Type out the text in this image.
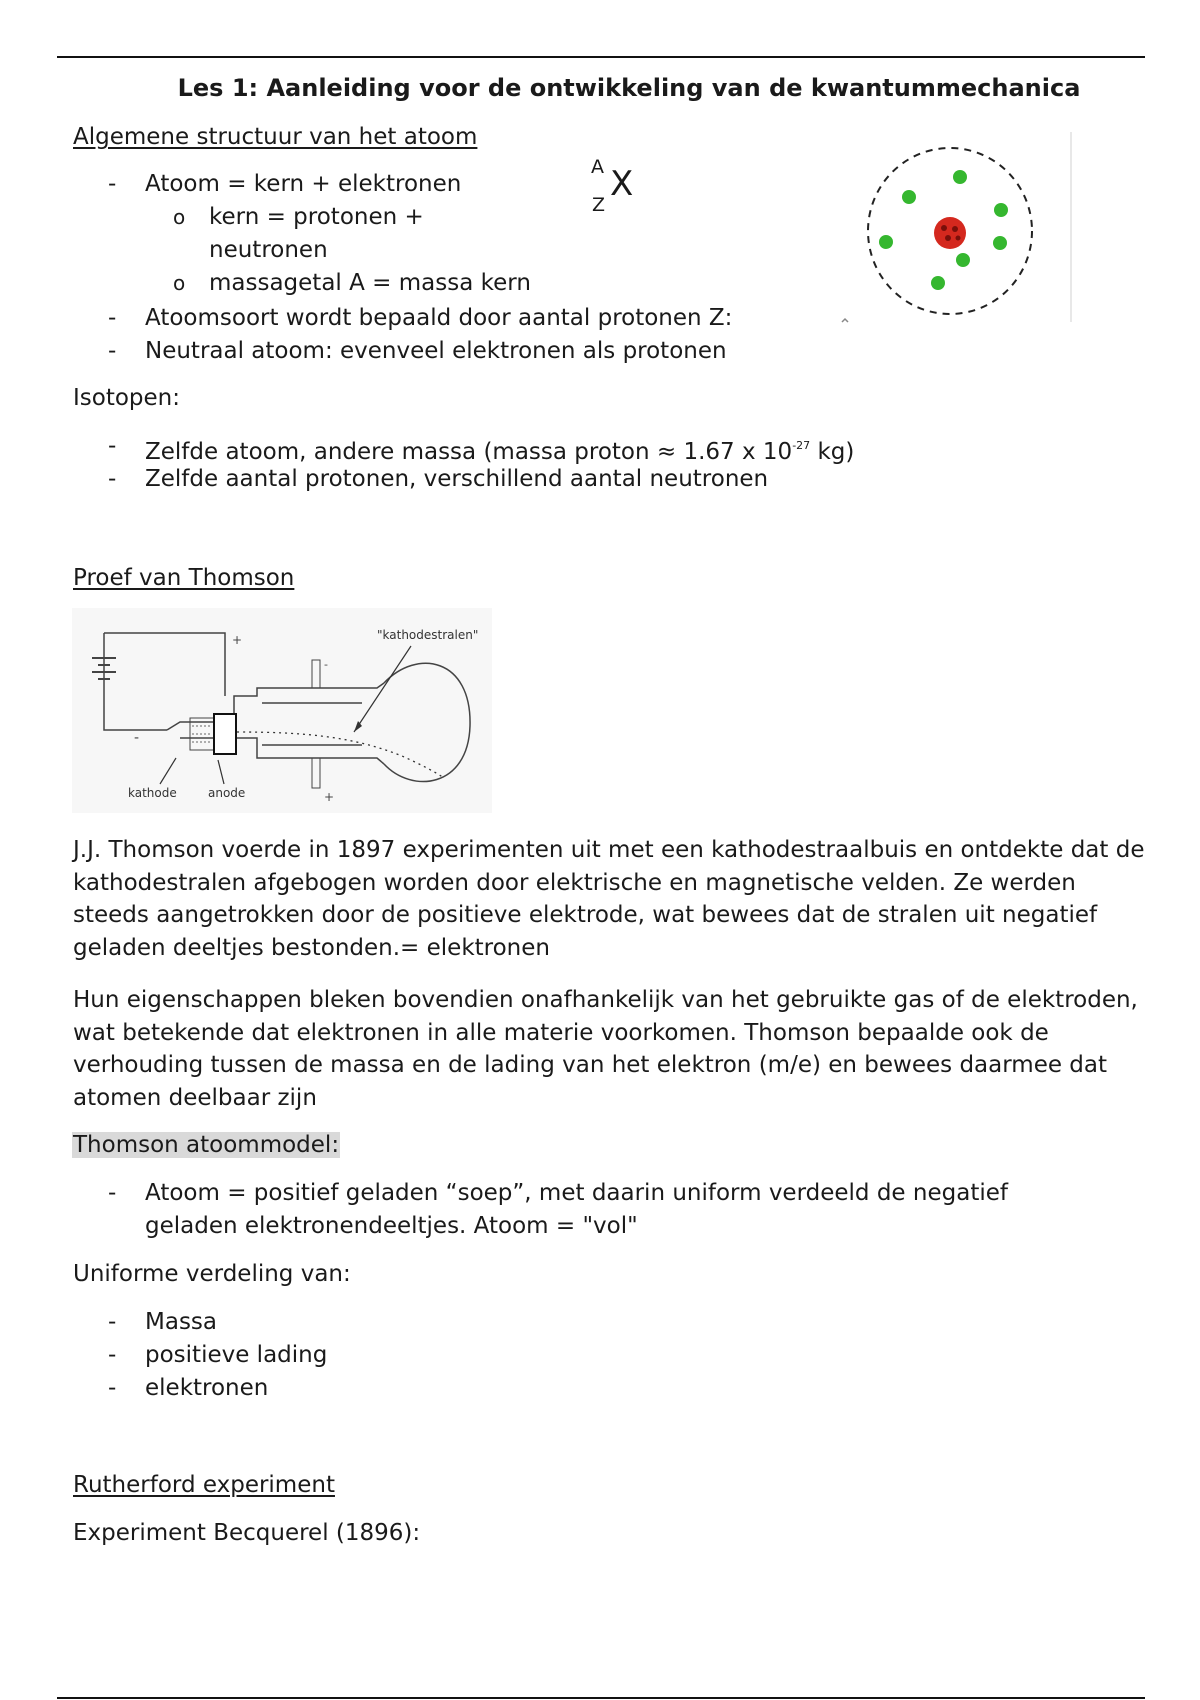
Les 1: Aanleiding voor de ontwikkeling van de kwantummechanica
Algemene structuur van het atoom
- Atoom = kern + elektronen
o kern = protonen +
neutronen
o massagetal A = massa kern
- Atoomsoort wordt bepaald door aantal protonen Z:
- Neutraal atoom: evenveel elektronen als protonen
A X
Z
Isotopen:
- Zelfde atoom, andere massa (massa proton ≈ 1.67 x $10^{-27}$ kg)
- Zelfde aantal protonen, verschillend aantal neutronen
Proef van Thomson
+
-
-
+
"kathodestralen"
kathode	anode
J.J. Thomson voerde in 1897 experimenten uit met een kathodestraalbuis en ontdekte dat de kathodestralen afgebogen worden door elektrische en magnetische velden. Ze werden steeds aangetrokken door de positieve elektrode, wat bewees dat de stralen uit negatief geladen deeltjes bestonden.= elektronen
Hun eigenschappen bleken bovendien onafhankelijk van het gebruikte gas of de elektroden, wat betekende dat elektronen in alle materie voorkomen. Thomson bepaalde ook de verhouding tussen de massa en de lading van het elektron (m/e) en bewees daarmee dat atomen deelbaar zijn
Thomson atoommodel:
- Atoom = positief geladen “soep”, met daarin uniform verdeeld de negatief
geladen elektronendeeltjes. Atoom = "vol"
Uniforme verdeling van:
- Massa
- positieve lading
- elektronen
Rutherford experiment
Experiment Becquerel (1896):
